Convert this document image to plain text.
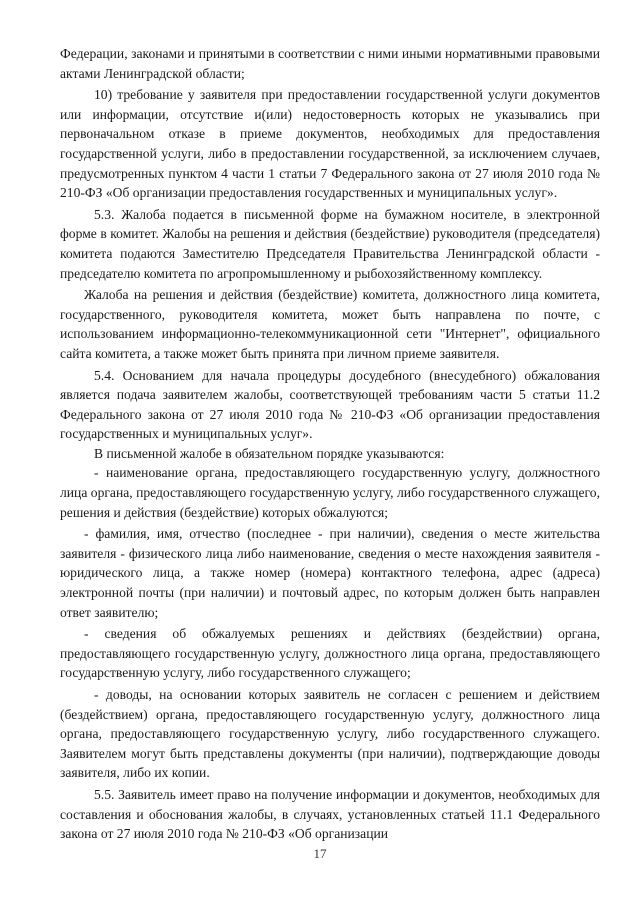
Федерации, законами и принятыми в соответствии с ними иными нормативными правовыми актами Ленинградской области;

10) требование у заявителя при предоставлении государственной услуги документов или информации, отсутствие и(или) недостоверность которых не указывались при первоначальном отказе в приеме документов, необходимых для предоставления государственной услуги, либо в предоставлении государственной, за исключением случаев, предусмотренных пунктом 4 части 1 статьи 7 Федерального закона от 27 июля 2010 года № 210-ФЗ «Об организации предоставления государственных и муниципальных услуг».

5.3. Жалоба подается в письменной форме на бумажном носителе, в электронной форме в комитет. Жалобы на решения и действия (бездействие) руководителя (председателя) комитета подаются Заместителю Председателя Правительства Ленинградской области - председателю комитета по агропромышленному и рыбохозяйственному комплексу.

Жалоба на решения и действия (бездействие) комитета, должностного лица комитета, государственного, руководителя комитета, может быть направлена по почте, с использованием информационно-телекоммуникационной сети "Интернет", официального сайта комитета, а также может быть принята при личном приеме заявителя.

5.4. Основанием для начала процедуры досудебного (внесудебного) обжалования является подача заявителем жалобы, соответствующей требованиям части 5 статьи 11.2 Федерального закона от 27 июля 2010 года № 210-ФЗ «Об организации предоставления государственных и муниципальных услуг».

В письменной жалобе в обязательном порядке указываются:

- наименование органа, предоставляющего государственную услугу, должностного лица органа, предоставляющего государственную услугу, либо государственного служащего, решения и действия (бездействие) которых обжалуются;

- фамилия, имя, отчество (последнее - при наличии), сведения о месте жительства заявителя - физического лица либо наименование, сведения о месте нахождения заявителя - юридического лица, а также номер (номера) контактного телефона, адрес (адреса) электронной почты (при наличии) и почтовый адрес, по которым должен быть направлен ответ заявителю;

- сведения об обжалуемых решениях и действиях (бездействии) органа, предоставляющего государственную услугу, должностного лица органа, предоставляющего государственную услугу, либо государственного служащего;

- доводы, на основании которых заявитель не согласен с решением и действием (бездействием) органа, предоставляющего государственную услугу, должностного лица органа, предоставляющего государственную услугу, либо государственного служащего. Заявителем могут быть представлены документы (при наличии), подтверждающие доводы заявителя, либо их копии.

5.5. Заявитель имеет право на получение информации и документов, необходимых для составления и обоснования жалобы, в случаях, установленных статьей 11.1 Федерального закона от 27 июля 2010 года № 210-ФЗ «Об организации

17
